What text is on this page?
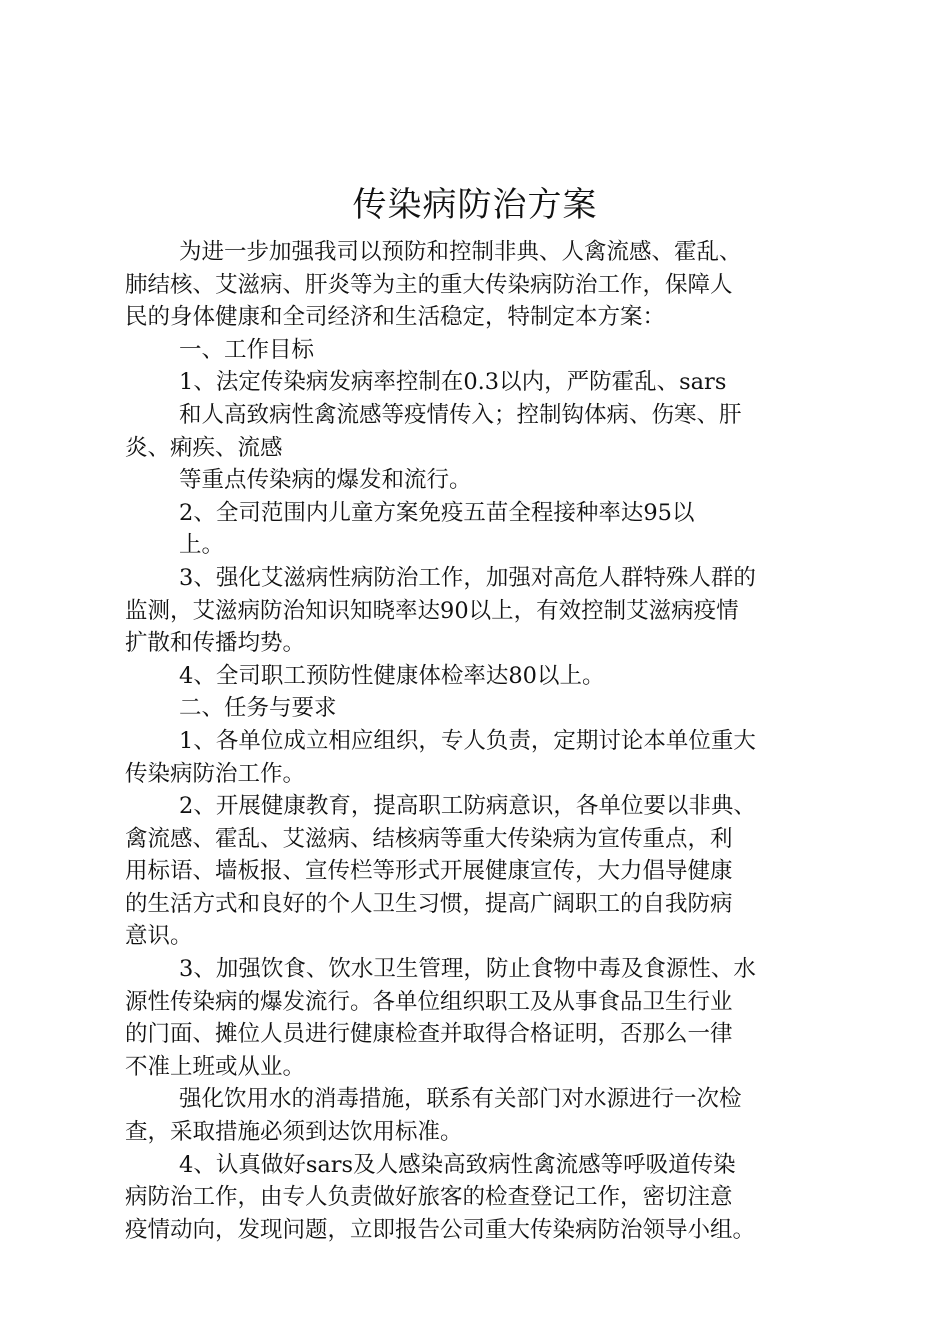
传染病防治方案

为进一步加强我司以预防和控制非典、人禽流感、霍乱、

肺结核、艾滋病、肝炎等为主的重大传染病防治工作，保障人

民的身体健康和全司经济和生活稳定，特制定本方案：

一、工作目标

1、法定传染病发病率控制在0.3以内，严防霍乱、sars

和人高致病性禽流感等疫情传入；控制钩体病、伤寒、肝

炎、痢疾、流感

等重点传染病的爆发和流行。

2、全司范围内儿童方案免疫五苗全程接种率达95以

上。

3、强化艾滋病性病防治工作，加强对高危人群特殊人群的

监测，艾滋病防治知识知晓率达90以上，有效控制艾滋病疫情

扩散和传播均势。

4、全司职工预防性健康体检率达80以上。

二、任务与要求

1、各单位成立相应组织，专人负责，定期讨论本单位重大

传染病防治工作。

2、开展健康教育，提高职工防病意识，各单位要以非典、

禽流感、霍乱、艾滋病、结核病等重大传染病为宣传重点，利

用标语、墙板报、宣传栏等形式开展健康宣传，大力倡导健康

的生活方式和良好的个人卫生习惯，提高广阔职工的自我防病

意识。

3、加强饮食、饮水卫生管理，防止食物中毒及食源性、水

源性传染病的爆发流行。各单位组织职工及从事食品卫生行业

的门面、摊位人员进行健康检查并取得合格证明，否那么一律

不准上班或从业。

强化饮用水的消毒措施，联系有关部门对水源进行一次检

查，采取措施必须到达饮用标准。

4、认真做好sars及人感染高致病性禽流感等呼吸道传染

病防治工作，由专人负责做好旅客的检查登记工作，密切注意

疫情动向，发现问题，立即报告公司重大传染病防治领导小组。
